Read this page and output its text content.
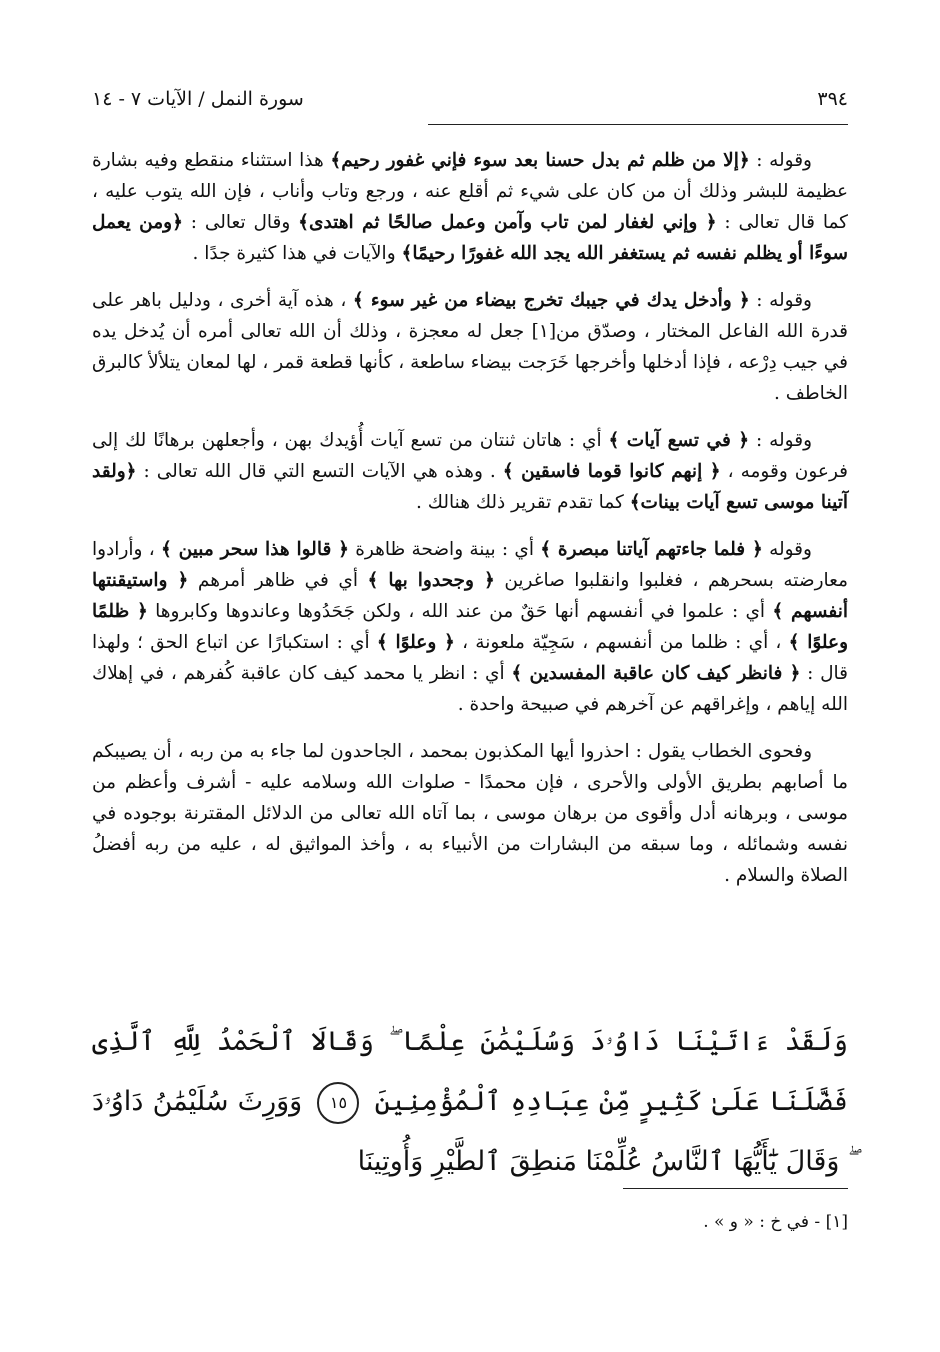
٣٩٤
سورة النمل / الآيات ٧ - ١٤

وقوله : ﴿إلا من ظلم ثم بدل حسنا بعد سوء فإني غفور رحيم﴾ هذا استثناء منقطع وفيه بشارة عظيمة للبشر وذلك أن من كان على شيء ثم أقلع عنه ، ورجع وتاب وأناب ، فإن الله يتوب عليه ، كما قال تعالى : ﴿ وإني لغفار لمن تاب وآمن وعمل صالحًا ثم اهتدى﴾ وقال تعالى : ﴿ومن يعمل سوءًا أو يظلم نفسه ثم يستغفر الله يجد الله غفورًا رحيمًا﴾ والآيات في هذا كثيرة جدًا .

وقوله : ﴿ وأدخل يدك في جيبك تخرج بيضاء من غير سوء ﴾ ، هذه آية أخرى ، ودليل باهر على قدرة الله الفاعل المختار ، وصدّق من[١] جعل له معجزة ، وذلك أن الله تعالى أمره أن يُدخل يده في جيب دِرْعه ، فإذا أدخلها وأخرجها خَرَجت بيضاء ساطعة ، كأنها قطعة قمر ، لها لمعان يتلألأ كالبرق الخاطف .

وقوله : ﴿ في تسع آيات ﴾ أي : هاتان ثنتان من تسع آيات أُؤيدك بهن ، وأجعلهن برهانًا لك إلى فرعون وقومه ، ﴿ إنهم كانوا قوما فاسقين ﴾ . وهذه هي الآيات التسع التي قال الله تعالى : ﴿ولقد آتينا موسى تسع آيات بينات﴾ كما تقدم تقرير ذلك هنالك .

وقوله ﴿ فلما جاءتهم آياتنا مبصرة ﴾ أي : بينة واضحة ظاهرة ﴿ قالوا هذا سحر مبين ﴾ ، وأرادوا معارضته بسحرهم ، فغلبوا وانقلبوا صاغرين ﴿ وجحدوا بها ﴾ أي في ظاهر أمرهم ﴿ واستيقنتها أنفسهم ﴾ أي : علموا في أنفسهم أنها حَقٌ من عند الله ، ولكن جَحَدُوها وعاندوها وكابروها ﴿ ظلمًا وعلوًا ﴾ ، أي : ظلما من أنفسهم ، سَجِيّة ملعونة ، ﴿ وعلوًا ﴾ أي : استكبارًا عن اتباع الحق ؛ ولهذا قال : ﴿ فانظر كيف كان عاقبة المفسدين ﴾ أي : انظر يا محمد كيف كان عاقبة كُفرهم ، في إهلاك الله إياهم ، وإغراقهم عن آخرهم في صبيحة واحدة .

وفحوى الخطاب يقول : احذروا أيها المكذبون بمحمد ، الجاحدون لما جاء به من ربه ، أن يصيبكم ما أصابهم بطريق الأولى والأحرى ، فإن محمدًا - صلوات الله وسلامه عليه - أشرف وأعظم من موسى ، وبرهانه أدل وأقوى من برهان موسى ، بما آتاه الله تعالى من الدلائل المقترنة بوجوده في نفسه وشمائله ، وما سبقه من البشارات من الأنبياء به ، وأخذ المواثيق له ، عليه من ربه أفضلُ الصلاة والسلام .

وَلَقَدْ ءَاتَيْنَا دَاوُۥدَ وَسُلَيْمَٰنَ عِلْمًا ۖ وَقَالَا ٱلْحَمْدُ لِلَّهِ ٱلَّذِى فَضَّلَنَا عَلَىٰ كَثِيرٍ مِّنْ عِبَادِهِ ٱلْمُؤْمِنِينَ ١٥ وَوَرِثَ سُلَيْمَٰنُ دَاوُۥدَ ۖ وَقَالَ يَٰٓأَيُّهَا ٱلنَّاسُ عُلِّمْنَا مَنطِقَ ٱلطَّيْرِ وَأُوتِينَا
[١] - في خ : « و » .
